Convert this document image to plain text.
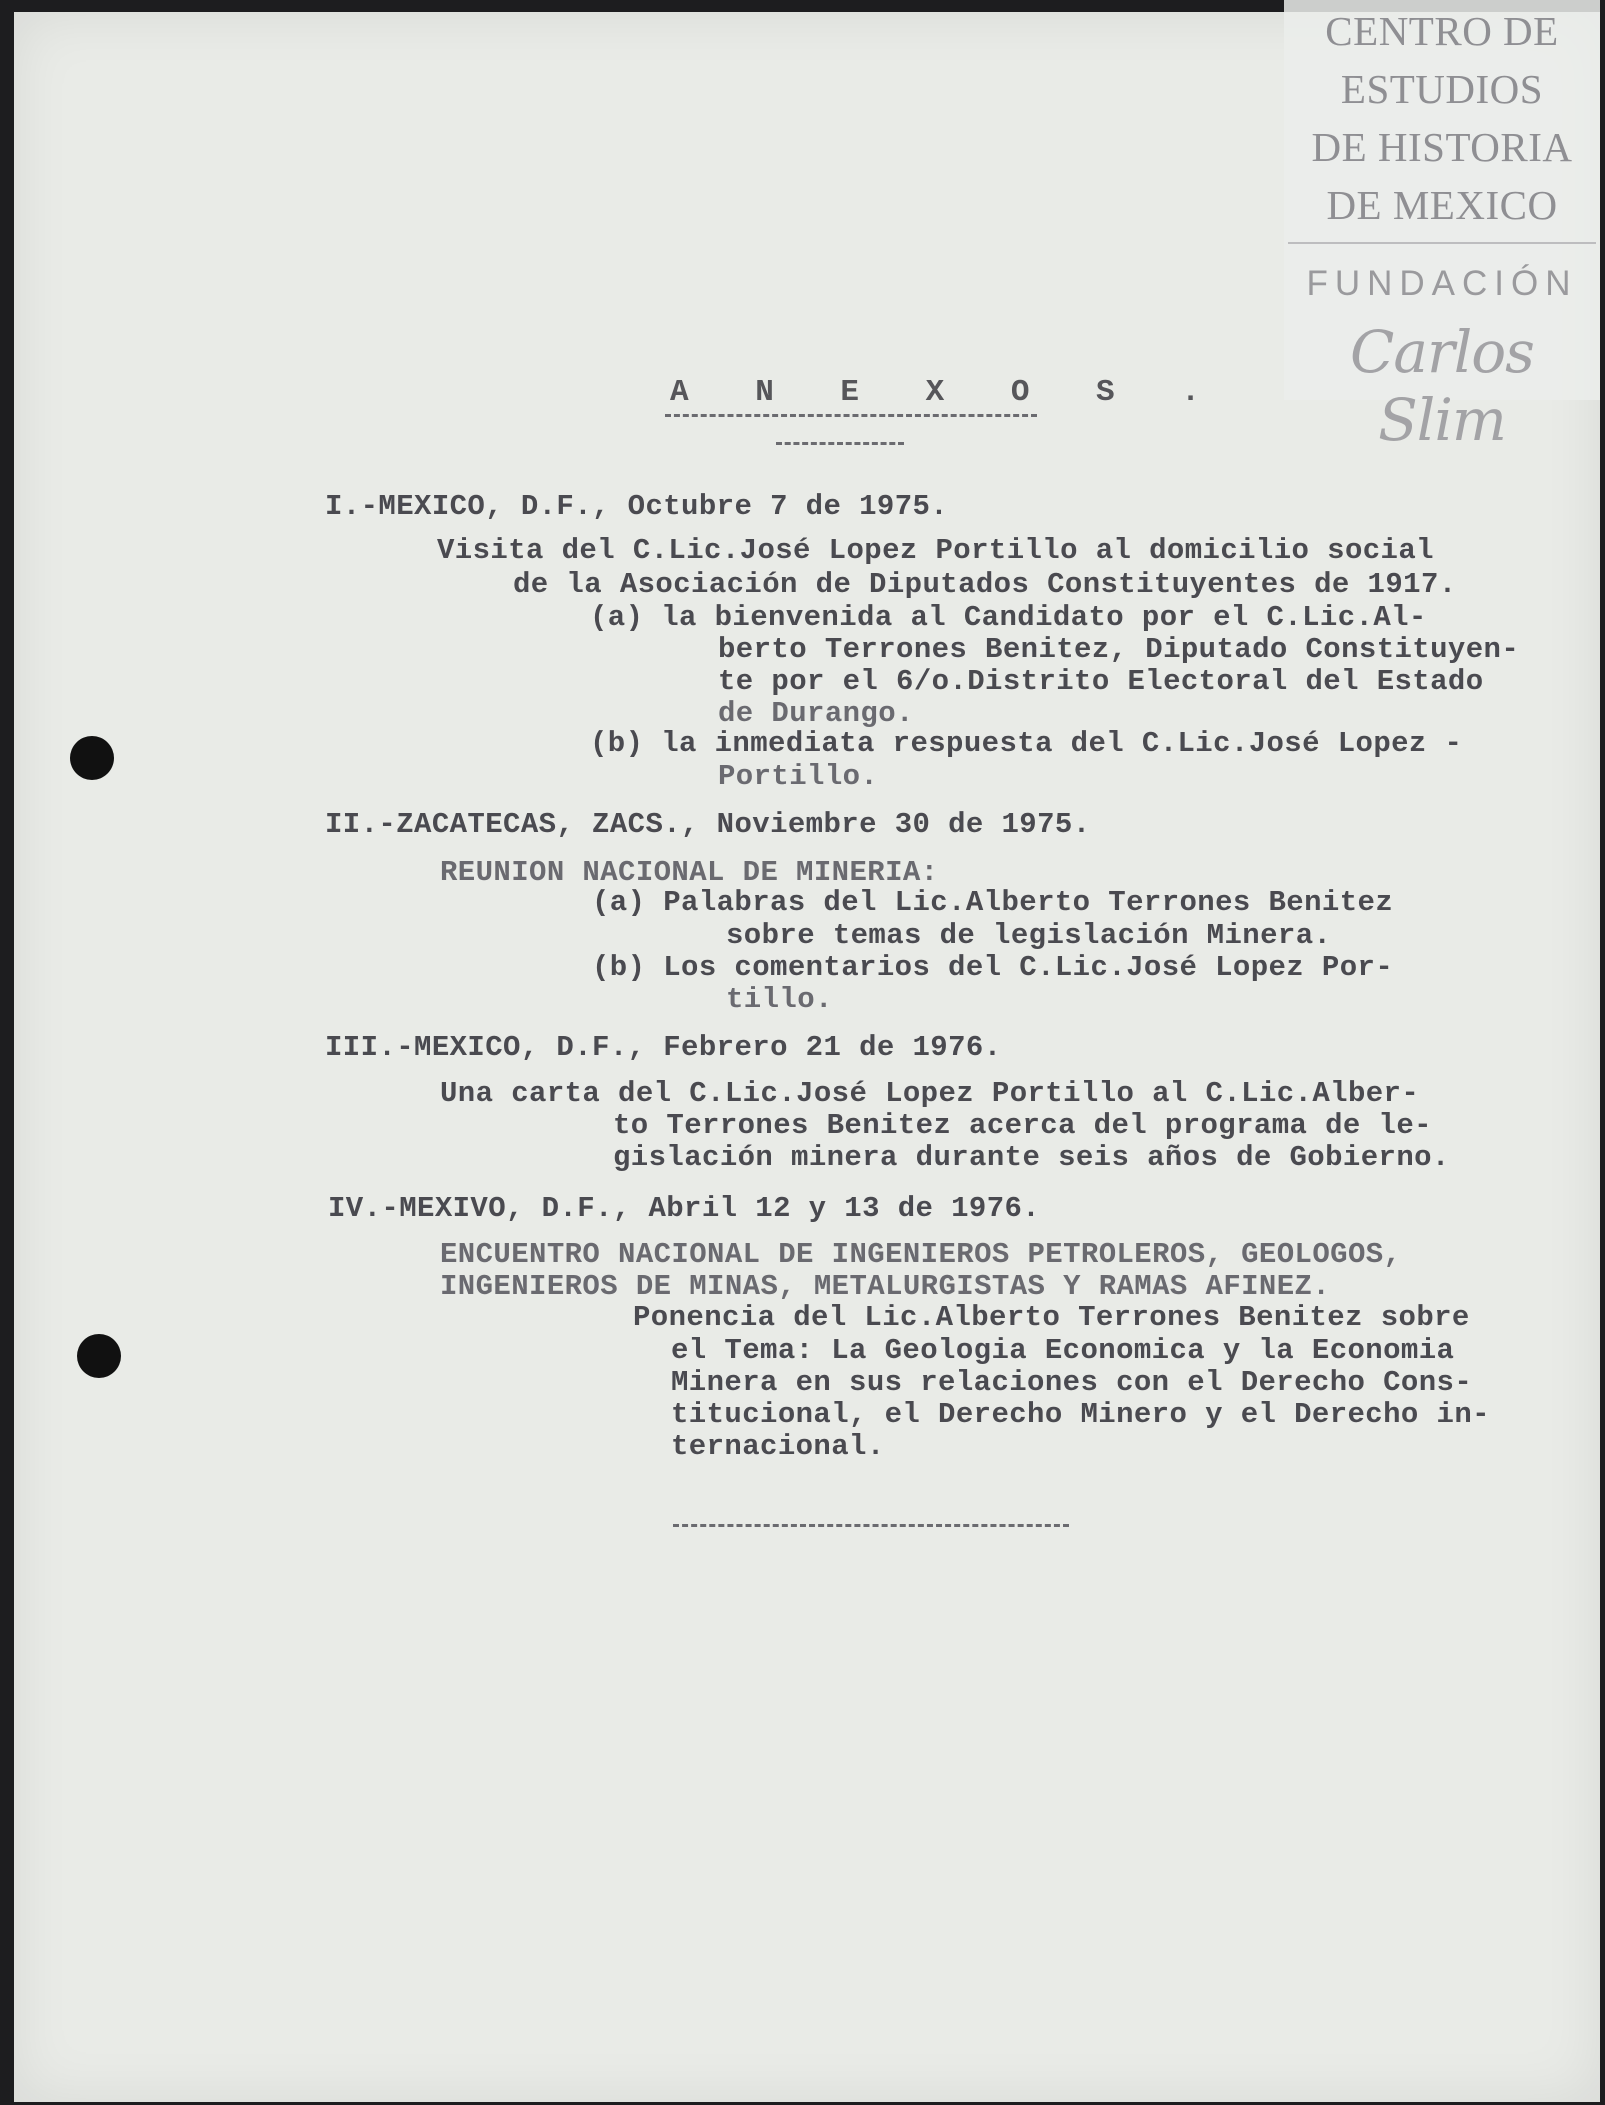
CENTRO DE
ESTUDIOS
DE HISTORIA
DE MEXICO
FUNDACIÓN
Carlos Slim
A N E X O S .
I.-MEXICO, D.F., Octubre 7 de 1975.
Visita del C.Lic.José Lopez Portillo al domicilio social
de la Asociación de Diputados Constituyentes de 1917.
(a) la bienvenida al Candidato por el C.Lic.Al-
berto Terrones Benitez, Diputado Constituyen-
te por el 6/o.Distrito Electoral del Estado
de Durango.
(b) la inmediata respuesta del C.Lic.José Lopez -
Portillo.
II.-ZACATECAS, ZACS., Noviembre 30 de 1975.
REUNION NACIONAL DE MINERIA:
(a) Palabras del Lic.Alberto Terrones Benitez
sobre temas de legislación Minera.
(b) Los comentarios del C.Lic.José Lopez Por-
tillo.
III.-MEXICO, D.F., Febrero 21 de 1976.
Una carta del C.Lic.José Lopez Portillo al C.Lic.Alber-
to Terrones Benitez acerca del programa de le-
gislación minera durante seis años de Gobierno.
IV.-MEXIVO, D.F., Abril 12 y 13 de 1976.
ENCUENTRO NACIONAL DE INGENIEROS PETROLEROS, GEOLOGOS,
INGENIEROS DE MINAS, METALURGISTAS Y RAMAS AFINEZ.
Ponencia del Lic.Alberto Terrones Benitez sobre
el Tema: La Geologia Economica y la Economia
Minera en sus relaciones con el Derecho Cons-
titucional, el Derecho Minero y el Derecho in-
ternacional.
